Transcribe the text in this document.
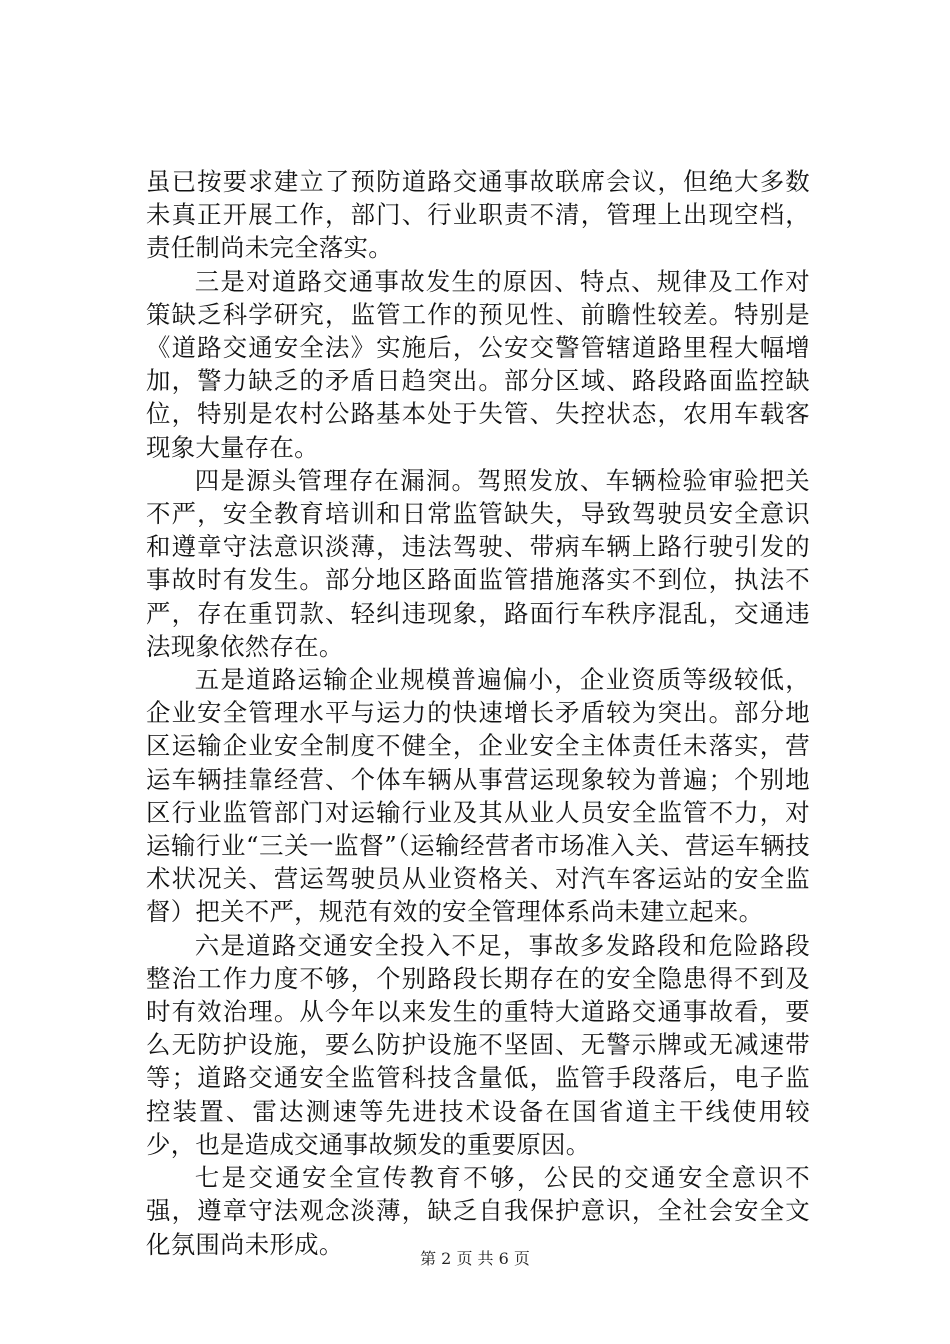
虽已按要求建立了预防道路交通事故联席会议，但绝大多数未真正开展工作，部门、行业职责不清，管理上出现空档，责任制尚未完全落实。

三是对道路交通事故发生的原因、特点、规律及工作对策缺乏科学研究，监管工作的预见性、前瞻性较差。特别是《道路交通安全法》实施后，公安交警管辖道路里程大幅增加，警力缺乏的矛盾日趋突出。部分区域、路段路面监控缺位，特别是农村公路基本处于失管、失控状态，农用车载客现象大量存在。

四是源头管理存在漏洞。驾照发放、车辆检验审验把关不严，安全教育培训和日常监管缺失，导致驾驶员安全意识和遵章守法意识淡薄，违法驾驶、带病车辆上路行驶引发的事故时有发生。部分地区路面监管措施落实不到位，执法不严，存在重罚款、轻纠违现象，路面行车秩序混乱，交通违法现象依然存在。

五是道路运输企业规模普遍偏小，企业资质等级较低，企业安全管理水平与运力的快速增长矛盾较为突出。部分地区运输企业安全制度不健全，企业安全主体责任未落实，营运车辆挂靠经营、个体车辆从事营运现象较为普遍；个别地区行业监管部门对运输行业及其从业人员安全监管不力，对运输行业“三关一监督”（运输经营者市场准入关、营运车辆技术状况关、营运驾驶员从业资格关、对汽车客运站的安全监督）把关不严，规范有效的安全管理体系尚未建立起来。

六是道路交通安全投入不足，事故多发路段和危险路段整治工作力度不够，个别路段长期存在的安全隐患得不到及时有效治理。从今年以来发生的重特大道路交通事故看，要么无防护设施，要么防护设施不坚固、无警示牌或无减速带等；道路交通安全监管科技含量低，监管手段落后，电子监控装置、雷达测速等先进技术设备在国省道主干线使用较少，也是造成交通事故频发的重要原因。

七是交通安全宣传教育不够，公民的交通安全意识不强，遵章守法观念淡薄，缺乏自我保护意识，全社会安全文化氛围尚未形成。	第 2 页 共 6 页
